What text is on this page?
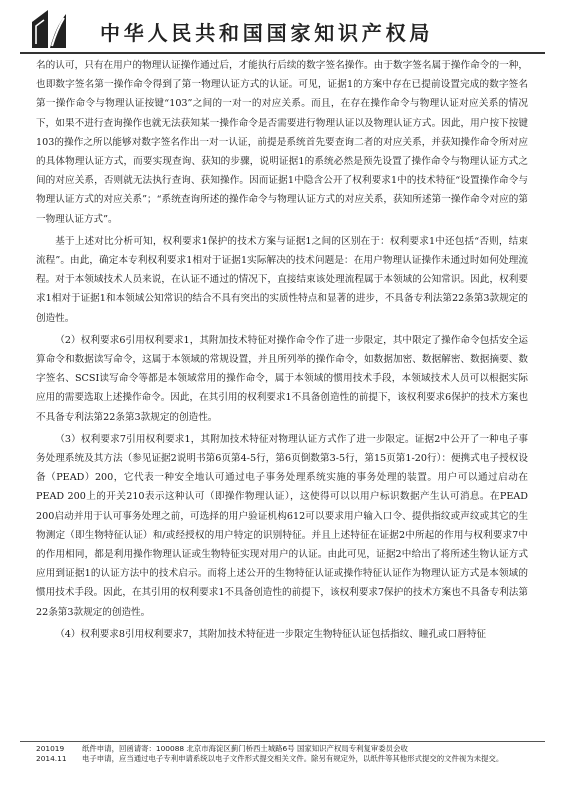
中华人民共和国国家知识产权局

名的认可，只有在用户的物理认证操作通过后，才能执行后续的数字签名操作。由于数字签名属于操作命令的一种，也即数字签名第一操作命令得到了第一物理认证方式的认证。可见，证据1的方案中存在已提前设置完成的数字签名第一操作命令与物理认证按键“103”之间的一对一的对应关系。而且，在存在操作命令与物理认证对应关系的情况下，如果不进行查询操作也就无法获知某一操作命令是否需要进行物理认证以及物理认证方式。因此，用户按下按键103的操作之所以能够对数字签名作出一对一认证，前提是系统首先要查询二者的对应关系，并获知操作命令所对应的具体物理认证方式，而要实现查询、获知的步骤，说明证据1的系统必然是预先设置了操作命令与物理认证方式之间的对应关系，否则就无法执行查询、获知操作。因而证据1中隐含公开了权利要求1中的技术特征“设置操作命令与物理认证方式的对应关系”；“系统查询所述的操作命令与物理认证方式的对应关系，获知所述第一操作命令对应的第一物理认证方式”。

基于上述对比分析可知，权利要求1保护的技术方案与证据1之间的区别在于：权利要求1中还包括“否则，结束流程”。由此，确定本专利权利要求1相对于证据1实际解决的技术问题是：在用户物理认证操作未通过时如何处理流程。对于本领域技术人员来说，在认证不通过的情况下，直接结束该处理流程属于本领域的公知常识。因此，权利要求1相对于证据1和本领域公知常识的结合不具有突出的实质性特点和显著的进步，不具备专利法第22条第3款规定的创造性。

（2）权利要求6引用权利要求1，其附加技术特征对操作命令作了进一步限定，其中限定了操作命令包括安全运算命令和数据读写命令，这属于本领域的常规设置，并且所列举的操作命令，如数据加密、数据解密、数据摘要、数字签名、SCSI读写命令等都是本领域常用的操作命令，属于本领域的惯用技术手段，本领域技术人员可以根据实际应用的需要选取上述操作命令。因此，在其引用的权利要求1不具备创造性的前提下，该权利要求6保护的技术方案也不具备专利法第22条第3款规定的创造性。

（3）权利要求7引用权利要求1，其附加技术特征对物理认证方式作了进一步限定。证据2中公开了一种电子事务处理系统及其方法（参见证据2说明书第6页第4-5行，第6页倒数第3-5行，第15页第1-20行）：便携式电子授权设备（PEAD）200，它代表一种安全地认可通过电子事务处理系统实施的事务处理的装置。用户可以通过启动在PEAD 200上的开关210表示这种认可（即操作物理认证），这使得可以以用户标识数据产生认可消息。在PEAD 200启动并用于认可事务处理之前，可选择的用户验证机构612可以要求用户输入口令、提供指纹或声纹或其它的生物测定（即生物特征认证）和/或经授权的用户特定的识别特征。并且上述特征在证据2中所起的作用与权利要求7中的作用相同，都是利用操作物理认证或生物特征实现对用户的认证。由此可见，证据2中给出了将所述生物认证方式应用到证据1的认证方法中的技术启示。而将上述公开的生物特征认证或操作特征认证作为物理认证方式是本领域的惯用技术手段。因此，在其引用的权利要求1不具备创造性的前提下，该权利要求7保护的技术方案也不具备专利法第22条第3款规定的创造性。

（4）权利要求8引用权利要求7，其附加技术特征进一步限定生物特征认证包括指纹、瞳孔或口唇特征

201019	纸件申请，回函请寄：100088 北京市海淀区蓟门桥西土城路6号 国家知识产权局专利复审委员会收
2014.11	电子申请，应当通过电子专利申请系统以电子文件形式提交相关文件。除另有规定外，以纸件等其他形式提交的文件视为未提交。
